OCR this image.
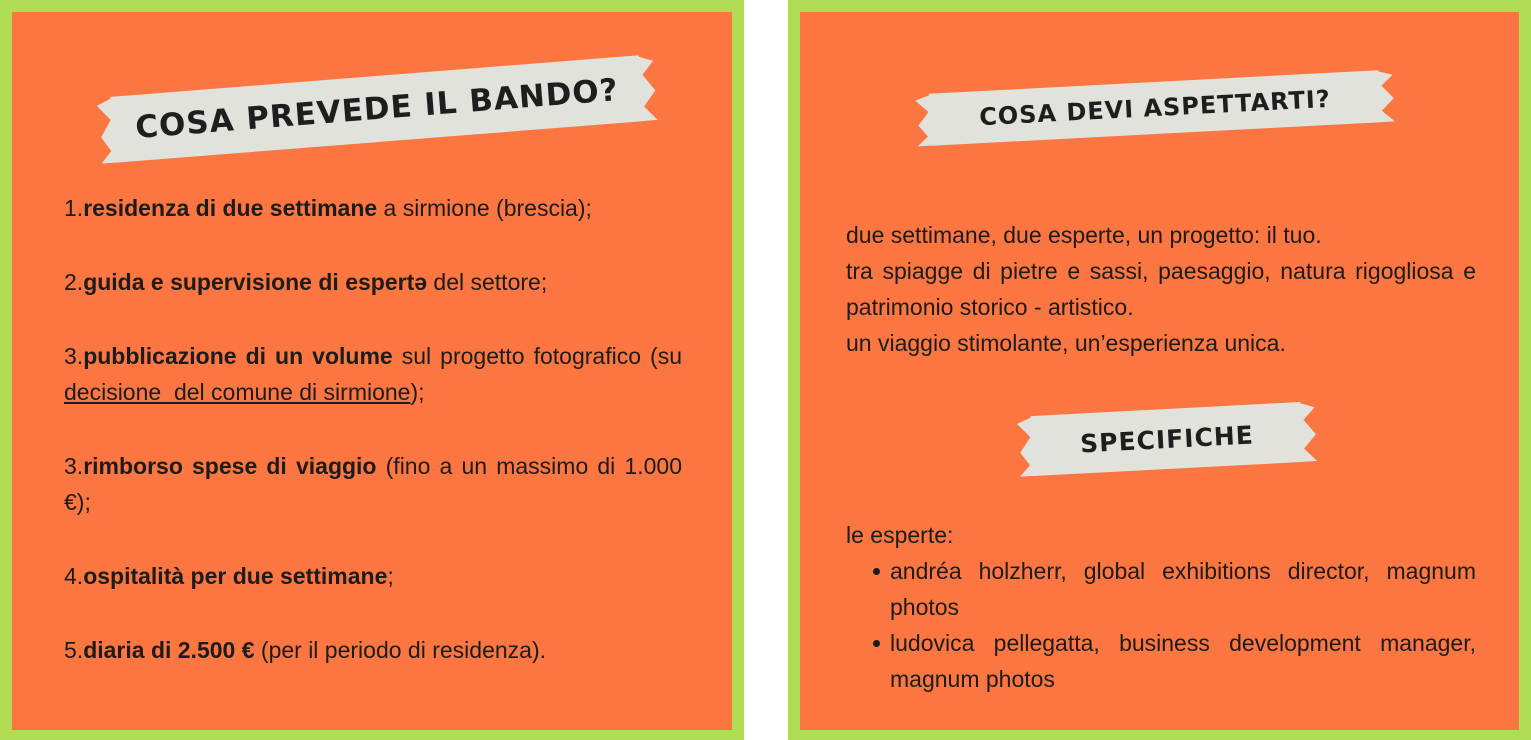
COSA PREVEDE IL BANDO?

1.residenza di due settimane a sirmione (brescia);

2.guida e supervisione di espertə del settore;

3.pubblicazione di un volume sul progetto fotografico (su decisione  del comune di sirmione);

3.rimborso spese di viaggio (fino a un massimo di 1.000 €);

4.ospitalità per due settimane;

5.diaria di 2.500 € (per il periodo di residenza).

COSA DEVI ASPETTARTI?

due settimane, due esperte, un progetto: il tuo.

tra spiagge di pietre e sassi, paesaggio, natura rigogliosa e patrimonio storico - artistico.

un viaggio stimolante, un’esperienza unica.

SPECIFICHE

le esperte:

andréa holzherr, global exhibitions director, magnum photos
ludovica pellegatta, business development manager, magnum photos
